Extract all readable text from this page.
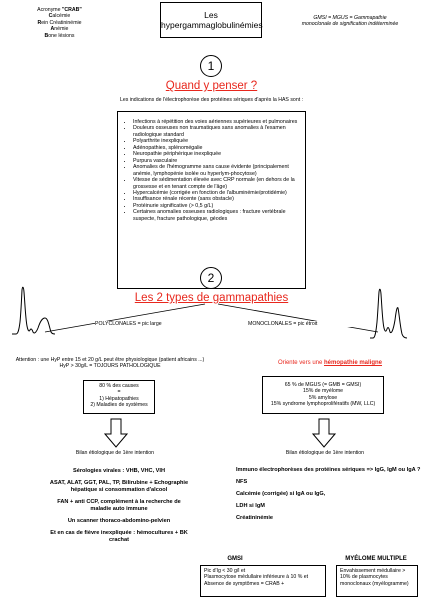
Acronyme "CRAB"
Calcémie
Rein Créatininémie
Anémie
Bone lésions
Les
hypergammaglobulinémies
GMSI = MGUS = Gammapathie
monoclonale de signification indéterminée
1
Quand y penser ?
Les indications de l'électrophorèse des protéines sériques d'après la HAS sont :
• Infections à répétition des voies aériennes supérieures et pulmonaires
• Douleurs osseuses non traumatiques sans anomalies à l'examen radiologique standard
• Polyarthrite inexpliquée
• Adénopathies, splénomégalie
• Neuropathie périphérique inexpliquée
• Purpura vasculaire
• Anomalies de l'hémogramme sans cause évidente (principalement anémie, lymphopénie isolée ou hyperlym-phocytose)
• Vitesse de sédimentation élevée avec CRP normale (en dehors de la grossesse et en tenant compte de l'âge)
• Hypercalcémie (corrigée en fonction de l'albuminémie/protidémie)
• Insuffisance rénale récente (sans obstacle)
• Protéinurie significative (˃ 0,5 g/L)
• Certaines anomalies osseuses radiologiques : fracture vertébrale suspecte, fracture pathologique, géodes
2
Les 2 types de gammapathies
POLYCLONALES = pic large	MONOCLONALES = pic étroit
Attention : une HyP entre 15 et 20 g/L peut être physiologique (patient africains ...)
HyP > 30g/L = TOJOURS PATHOLOGIQUE
Oriente vers une hémopathie maligne
80 % des causes
=
1) Hépatopathies
2) Maladies de systèmes
65 % de MGUS (= GMB = GMSI)
15% de myélome
5% amylose
15% syndrome lymphoprolifératifs (MW, LLC)
Bilan étiologique de 1ère intention
Sérologies virales : VHB, VHC, VIH
ASAT, ALAT, GGT, PAL, TP, Bilirubine + Echographie hépatique si consommation d'alcool
FAN + anti CCP, complément à la recherche de maladie auto immune
Un scanner thoraco-abdomino-pelvien
Et en cas de fièvre inexpliquée : hémocultures + BK crachat
Bilan étiologique de 1ère intention
Immuno électrophorèses des protéines sériques => IgG, IgM ou IgA ?
NFS
Calcémie (corrigée) si IgA ou IgG,
LDH si IgM
Créatininémie
GMSI
Pic d'Ig < 30 g/l et
Plasmocytose médullaire inférieure à 10 % et
Absence de symptômes = CRAB +
MYÉLOME MULTIPLE
Envahissement médullaire >
10% de plasmocytes
monoclonaux (myélogramme)
